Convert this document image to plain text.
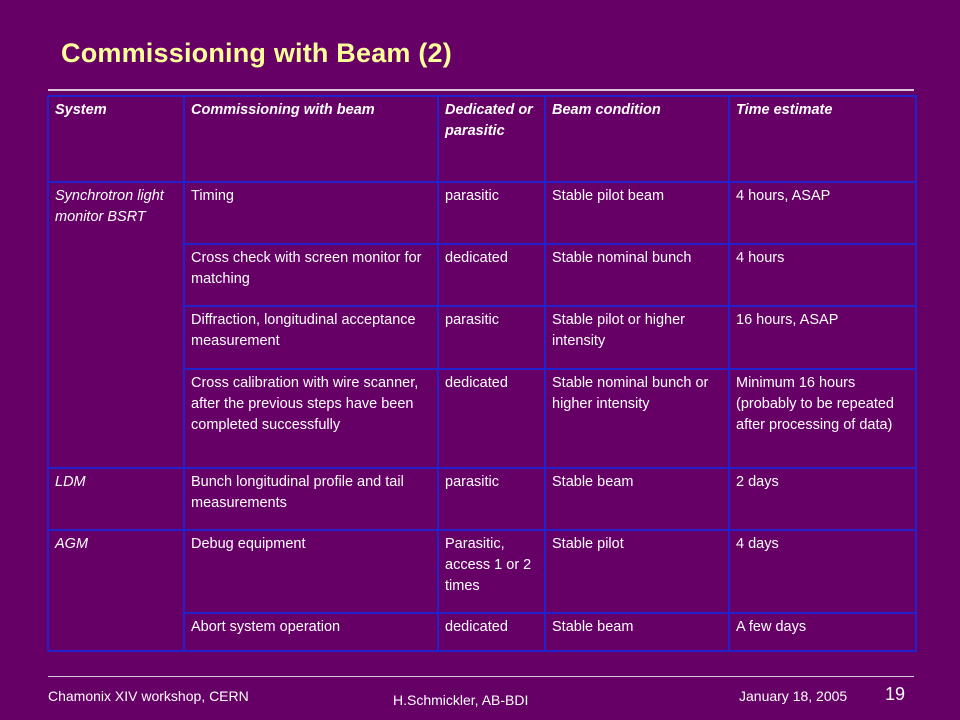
Commissioning with Beam (2)
System	Commissioning with beam	Dedicated or parasitic	Beam condition	Time estimate
Synchrotron light monitor BSRT	Timing	parasitic	Stable pilot beam	4 hours, ASAP
	Cross check with screen monitor for matching	dedicated	Stable nominal bunch	4 hours
	Diffraction, longitudinal acceptance measurement	parasitic	Stable pilot or higher intensity	16 hours, ASAP
	Cross calibration with wire scanner, after the previous steps have been completed successfully	dedicated	Stable nominal bunch or higher intensity	Minimum 16 hours (probably to be repeated after processing of data)
LDM	Bunch longitudinal profile and tail measurements	parasitic	Stable beam	2 days
AGM	Debug equipment	Parasitic, access 1 or 2 times	Stable pilot	4 days
	Abort system operation	dedicated	Stable beam	A few days
Chamonix XIV workshop, CERN	H.Schmickler, AB-BDI	January 18, 2005 19
